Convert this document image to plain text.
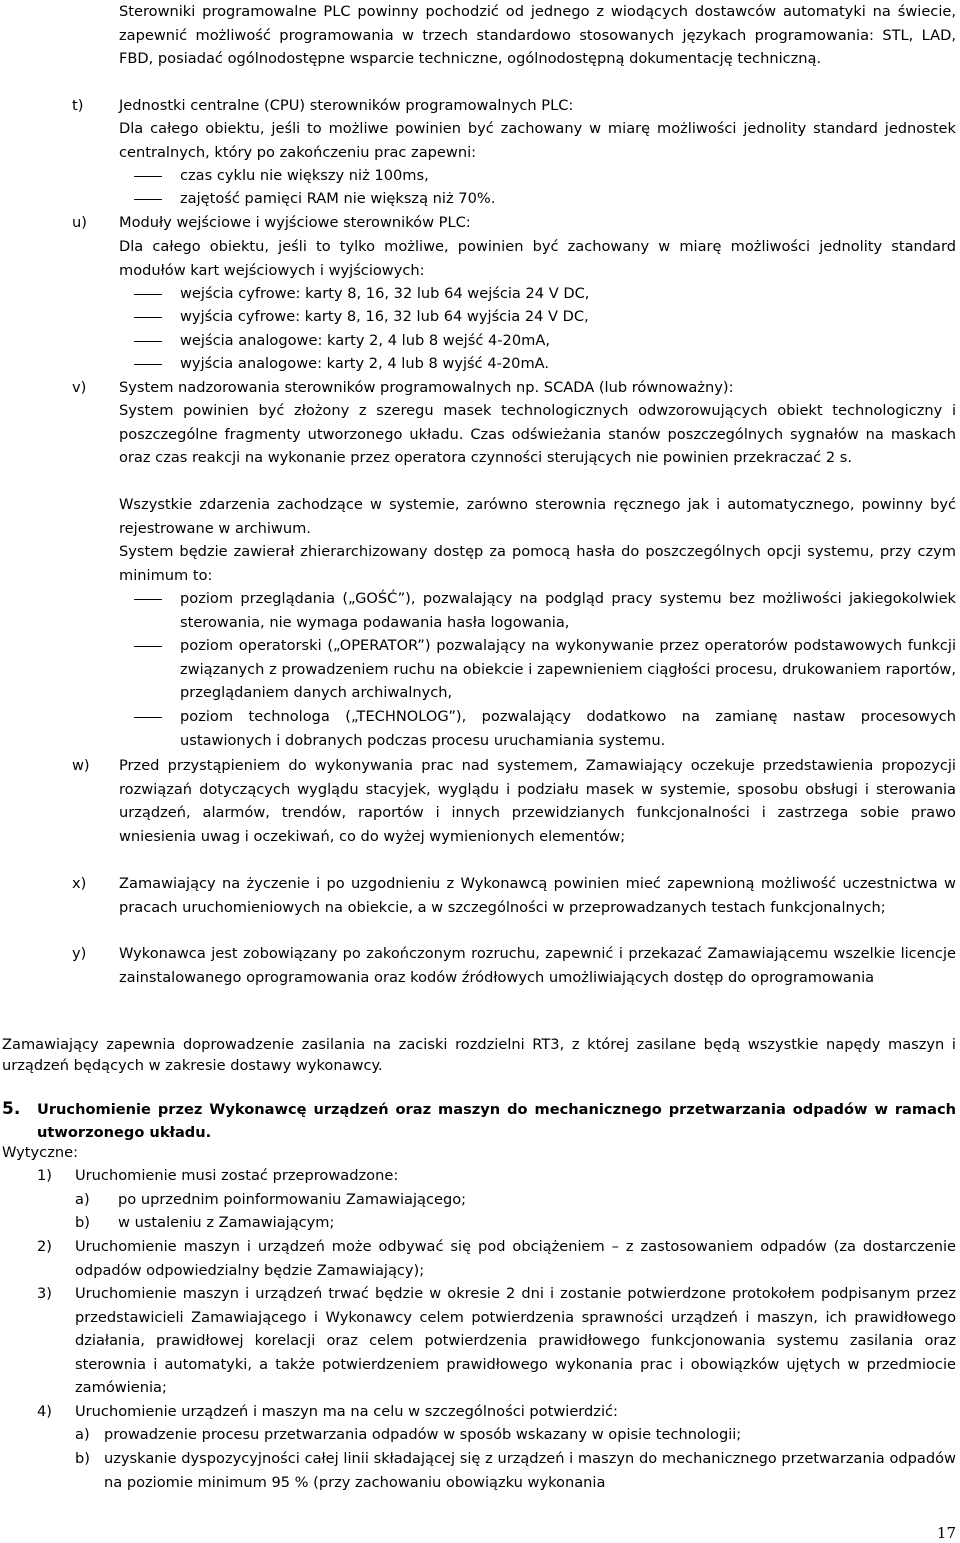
Sterowniki programowalne PLC powinny pochodzić od jednego z wiodących dostawców automatyki na świecie, zapewnić możliwość programowania w trzech standardowo stosowanych językach programowania: STL, LAD, FBD, posiadać ogólnodostępne wsparcie techniczne, ogólnodostępną dokumentację techniczną.
t) Jednostki centralne (CPU) sterowników programowalnych PLC:
Dla całego obiektu, jeśli to możliwe powinien być zachowany w miarę możliwości jednolity standard jednostek centralnych, który po zakończeniu prac zapewni:
czas cyklu nie większy niż 100ms,
zajętość pamięci RAM nie większą niż 70%.
u) Moduły wejściowe i wyjściowe sterowników PLC:
Dla całego obiektu, jeśli to tylko możliwe, powinien być zachowany w miarę możliwości jednolity standard modułów kart wejściowych i wyjściowych:
wejścia cyfrowe: karty 8, 16, 32 lub 64 wejścia 24 V DC,
wyjścia cyfrowe: karty 8, 16, 32 lub 64 wyjścia 24 V DC,
wejścia analogowe: karty 2, 4 lub 8 wejść 4-20mA,
wyjścia analogowe: karty 2, 4 lub 8 wyjść 4-20mA.
v) System nadzorowania sterowników programowalnych np. SCADA (lub równoważny):
System powinien być złożony z szeregu masek technologicznych odwzorowujących obiekt technologiczny i poszczególne fragmenty utworzonego układu. Czas odświeżania stanów poszczególnych sygnałów na maskach oraz czas reakcji na wykonanie przez operatora czynności sterujących nie powinien przekraczać 2 s.
Wszystkie zdarzenia zachodzące w systemie, zarówno sterownia ręcznego jak i automatycznego, powinny być rejestrowane w archiwum.
System będzie zawierał zhierarchizowany dostęp za pomocą hasła do poszczególnych opcji systemu, przy czym minimum to:
poziom przeglądania („GOŚĆ”), pozwalający na podgląd pracy systemu bez możliwości jakiegokolwiek sterowania, nie wymaga podawania hasła logowania,
poziom operatorski („OPERATOR”) pozwalający na wykonywanie przez operatorów podstawowych funkcji związanych z prowadzeniem ruchu na obiekcie i zapewnieniem ciągłości procesu, drukowaniem raportów, przeglądaniem danych archiwalnych,
poziom technologa („TECHNOLOG”), pozwalający dodatkowo na zamianę nastaw procesowych ustawionych i dobranych podczas procesu uruchamiania systemu.
w) Przed przystąpieniem do wykonywania prac nad systemem, Zamawiający oczekuje przedstawienia propozycji rozwiązań dotyczących wyglądu stacyjek, wyglądu i podziału masek w systemie, sposobu obsługi i sterowania urządzeń, alarmów, trendów, raportów i innych przewidzianych funkcjonalności i zastrzega sobie prawo wniesienia uwag i oczekiwań, co do wyżej wymienionych elementów;
x) Zamawiający na życzenie i po uzgodnieniu z Wykonawcą powinien mieć zapewnioną możliwość uczestnictwa w pracach uruchomieniowych na obiekcie, a w szczególności w przeprowadzanych testach funkcjonalnych;
y) Wykonawca jest zobowiązany po zakończonym rozruchu, zapewnić i przekazać Zamawiającemu wszelkie licencje zainstalowanego oprogramowania oraz kodów źródłowych umożliwiających dostęp do oprogramowania
Zamawiający zapewnia doprowadzenie zasilania na zaciski rozdzielni RT3, z której zasilane będą wszystkie napędy maszyn i urządzeń będących w zakresie dostawy wykonawcy.
5. Uruchomienie przez Wykonawcę urządzeń oraz maszyn do mechanicznego przetwarzania odpadów w ramach utworzonego układu.
Wytyczne:
1) Uruchomienie musi zostać przeprowadzone:
a) po uprzednim poinformowaniu Zamawiającego;
b) w ustaleniu z Zamawiającym;
2) Uruchomienie maszyn i urządzeń może odbywać się pod obciążeniem – z zastosowaniem odpadów (za dostarczenie odpadów odpowiedzialny będzie Zamawiający);
3) Uruchomienie maszyn i urządzeń trwać będzie w okresie 2 dni i zostanie potwierdzone protokołem podpisanym przez przedstawicieli Zamawiającego i Wykonawcy celem potwierdzenia sprawności urządzeń i maszyn, ich prawidłowego działania, prawidłowej korelacji oraz celem potwierdzenia prawidłowego funkcjonowania systemu zasilania oraz sterownia i automatyki, a także potwierdzeniem prawidłowego wykonania prac i obowiązków ujętych w przedmiocie zamówienia;
4) Uruchomienie urządzeń i maszyn ma na celu w szczególności potwierdzić:
a) prowadzenie procesu przetwarzania odpadów w sposób wskazany w opisie technologii;
b) uzyskanie dyspozycyjności całej linii składającej się z urządzeń i maszyn do mechanicznego przetwarzania odpadów na poziomie minimum 95 % (przy zachowaniu obowiązku wykonania
17
